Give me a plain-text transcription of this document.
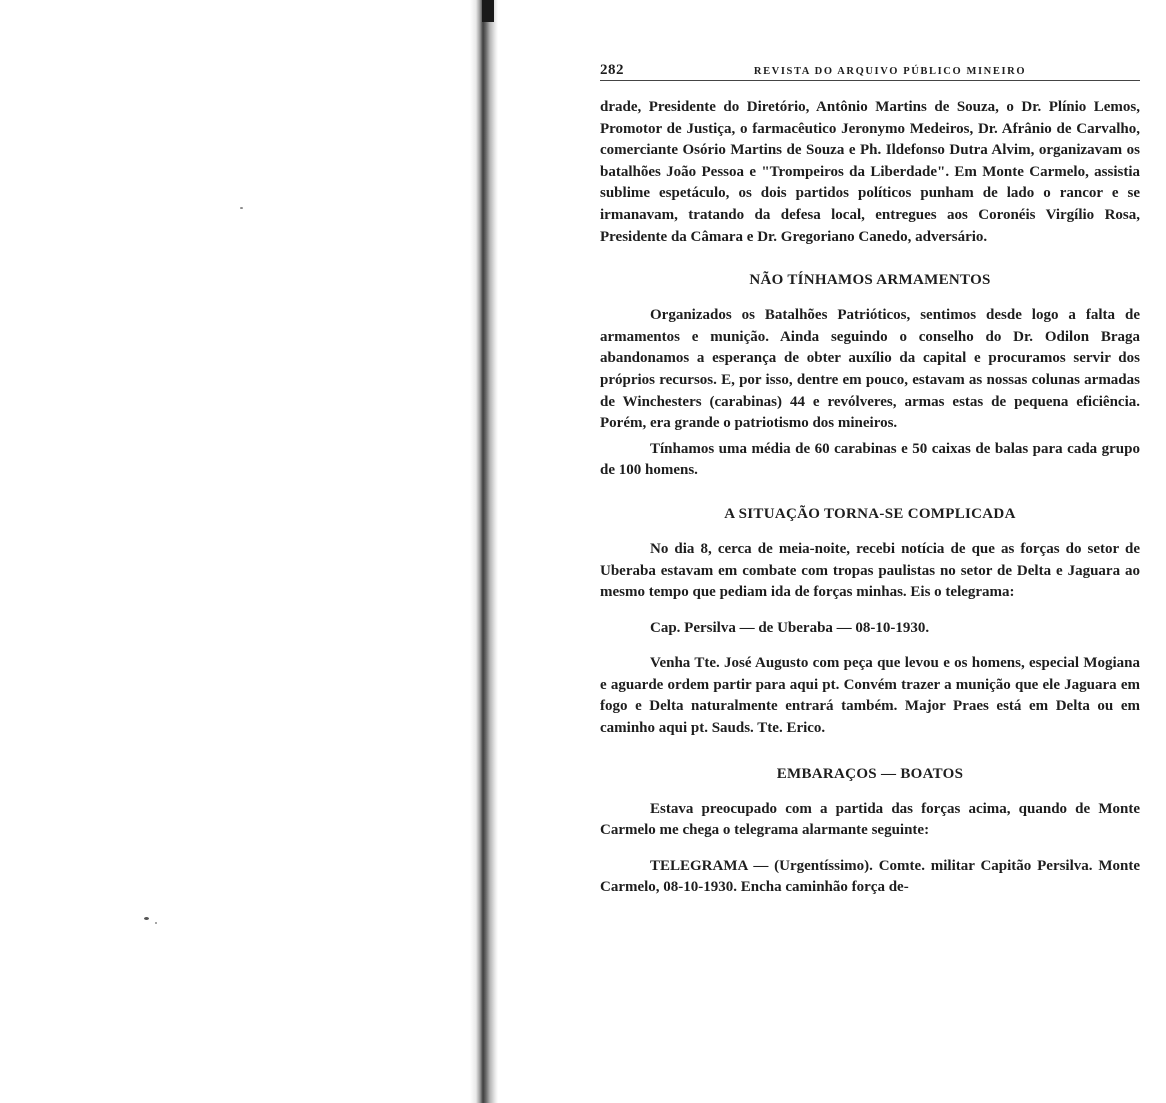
282	REVISTA DO ARQUIVO PÚBLICO MINEIRO

drade, Presidente do Diretório, Antônio Martins de Souza, o Dr. Plínio Lemos, Promotor de Justiça, o farmacêutico Jeronymo Medeiros, Dr. Afrânio de Carvalho, comerciante Osório Martins de Souza e Ph. Ildefonso Dutra Alvim, organizavam os batalhões João Pessoa e "Trompeiros da Liberdade". Em Monte Carmelo, assistia sublime espetáculo, os dois partidos políticos punham de lado o rancor e se irmanavam, tratando da defesa local, entregues aos Coronéis Virgílio Rosa, Presidente da Câmara e Dr. Gregoriano Canedo, adversário.

NÃO TÍNHAMOS ARMAMENTOS

Organizados os Batalhões Patrióticos, sentimos desde logo a falta de armamentos e munição. Ainda seguindo o conselho do Dr. Odilon Braga abandonamos a esperança de obter auxílio da capital e procuramos servir dos próprios recursos. E, por isso, dentre em pouco, estavam as nossas colunas armadas de Winchesters (carabinas) 44 e revólveres, armas estas de pequena eficiência. Porém, era grande o patriotismo dos mineiros.

Tínhamos uma média de 60 carabinas e 50 caixas de balas para cada grupo de 100 homens.

A SITUAÇÃO TORNA-SE COMPLICADA

No dia 8, cerca de meia-noite, recebi notícia de que as forças do setor de Uberaba estavam em combate com tropas paulistas no setor de Delta e Jaguara ao mesmo tempo que pediam ida de forças minhas. Eis o telegrama:

Cap. Persilva — de Uberaba — 08-10-1930.

Venha Tte. José Augusto com peça que levou e os homens, especial Mogiana e aguarde ordem partir para aqui pt. Convém trazer a munição que ele Jaguara em fogo e Delta naturalmente entrará também. Major Praes está em Delta ou em caminho aqui pt. Sauds. Tte. Erico.

EMBARAÇOS — BOATOS

Estava preocupado com a partida das forças acima, quando de Monte Carmelo me chega o telegrama alarmante seguinte:

TELEGRAMA — (Urgentíssimo). Comte. militar Capitão Persilva. Monte Carmelo, 08-10-1930. Encha caminhão força de-
